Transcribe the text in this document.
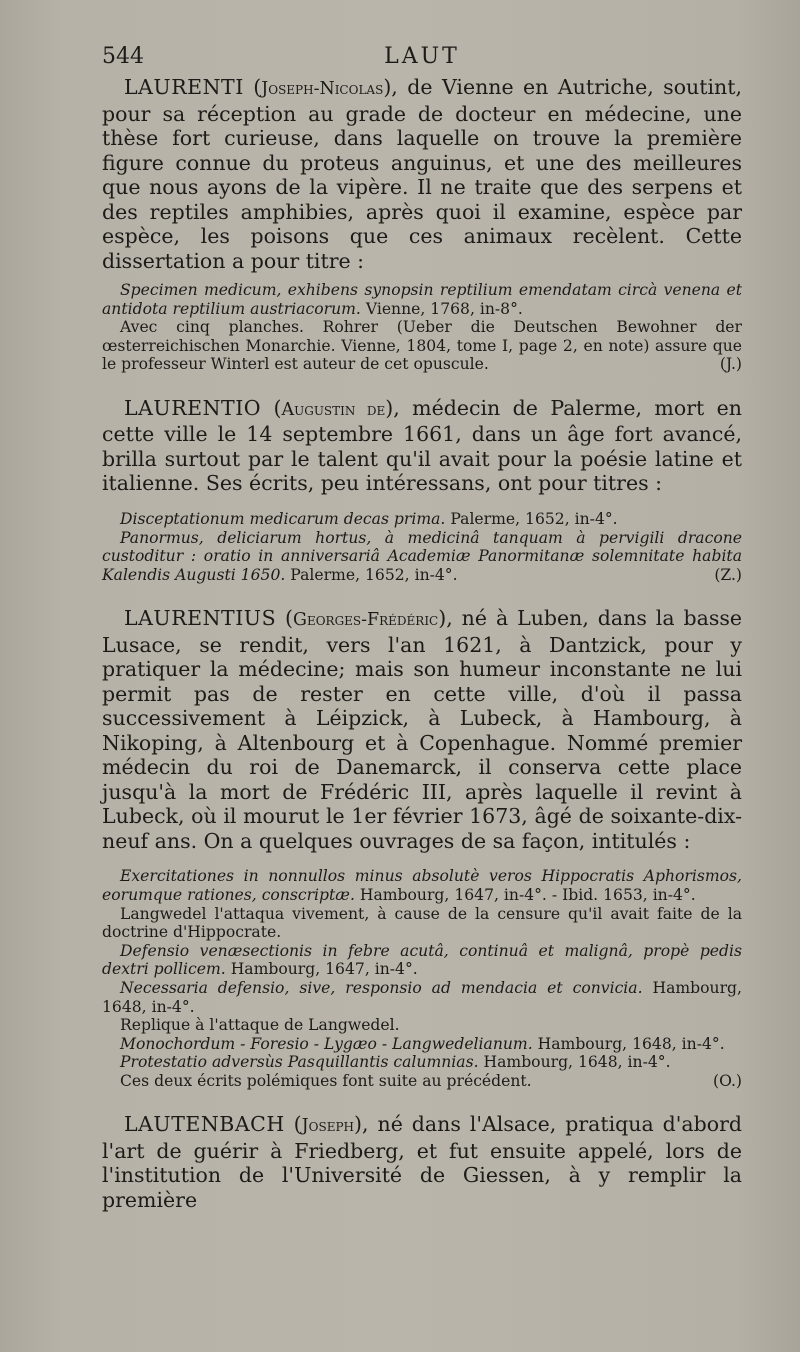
544	LAUT

LAURENTI (Joseph-Nicolas), de Vienne en Autriche, soutint, pour sa réception au grade de docteur en médecine, une thèse fort curieuse, dans laquelle on trouve la première figure connue du proteus anguinus, et une des meilleures que nous ayons de la vipère. Il ne traite que des serpens et des reptiles amphibies, après quoi il examine, espèce par espèce, les poisons que ces animaux recèlent. Cette dissertation a pour titre :

Specimen medicum, exhibens synopsin reptilium emendatam circà venena et antidota reptilium austriacorum. Vienne, 1768, in-8°.

Avec cinq planches. Rohrer (Ueber die Deutschen Bewohner der œsterreichischen Monarchie. Vienne, 1804, tome I, page 2, en note) assure que le professeur Winterl est auteur de cet opuscule.	(J.)

LAURENTIO (Augustin de), médecin de Palerme, mort en cette ville le 14 septembre 1661, dans un âge fort avancé, brilla surtout par le talent qu'il avait pour la poésie latine et italienne. Ses écrits, peu intéressans, ont pour titres :

Disceptationum medicarum decas prima. Palerme, 1652, in-4°.

Panormus, deliciarum hortus, à medicinâ tanquam à pervigili dracone custoditur : oratio in anniversariâ Academiæ Panormitanæ solemnitate habita Kalendis Augusti 1650. Palerme, 1652, in-4°.	(Z.)

LAURENTIUS (Georges-Frédéric), né à Luben, dans la basse Lusace, se rendit, vers l'an 1621, à Dantzick, pour y pratiquer la médecine; mais son humeur inconstante ne lui permit pas de rester en cette ville, d'où il passa successivement à Léipzick, à Lubeck, à Hambourg, à Nikoping, à Altenbourg et à Copenhague. Nommé premier médecin du roi de Danemarck, il conserva cette place jusqu'à la mort de Frédéric III, après laquelle il revint à Lubeck, où il mourut le 1er février 1673, âgé de soixante-dix-neuf ans. On a quelques ouvrages de sa façon, intitulés :

Exercitationes in nonnullos minus absolutè veros Hippocratis Aphorismos, eorumque rationes, conscriptæ. Hambourg, 1647, in-4°. - Ibid. 1653, in-4°.

Langwedel l'attaqua vivement, à cause de la censure qu'il avait faite de la doctrine d'Hippocrate.

Defensio venæsectionis in febre acutâ, continuâ et malignâ, propè pedis dextri pollicem. Hambourg, 1647, in-4°.

Necessaria defensio, sive, responsio ad mendacia et convicia. Hambourg, 1648, in-4°.

Replique à l'attaque de Langwedel.

Monochordum - Foresio - Lygæo - Langwedelianum. Hambourg, 1648, in-4°.

Protestatio adversùs Pasquillantis calumnias. Hambourg, 1648, in-4°.

Ces deux écrits polémiques font suite au précédent.	(O.)

LAUTENBACH (Joseph), né dans l'Alsace, pratiqua d'abord l'art de guérir à Friedberg, et fut ensuite appelé, lors de l'institution de l'Université de Giessen, à y remplir la première
